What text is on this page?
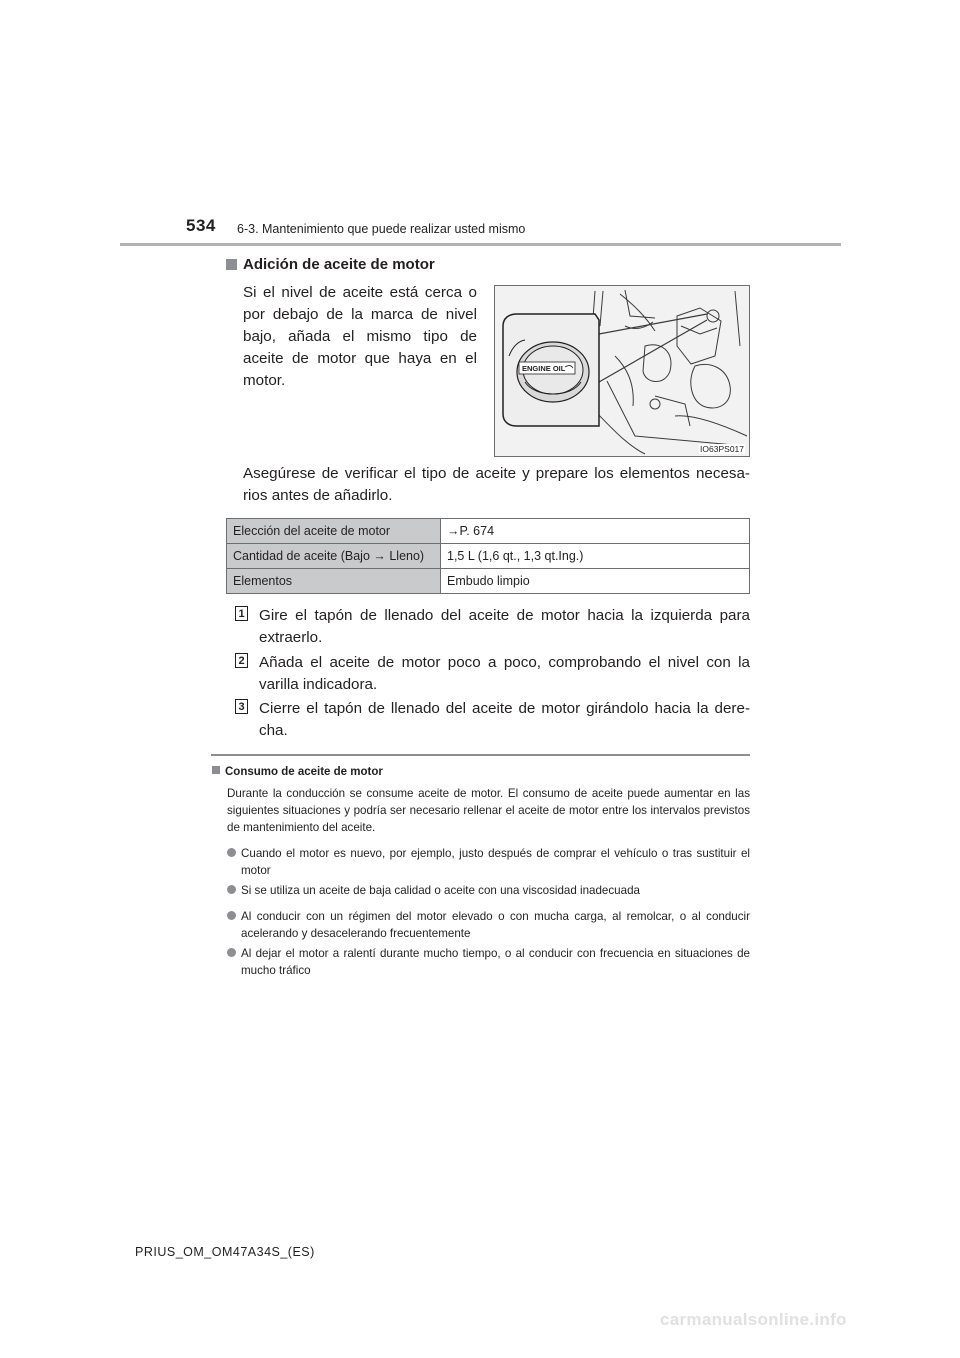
534 6-3. Mantenimiento que puede realizar usted mismo
Adición de aceite de motor
Si el nivel de aceite está cerca o por debajo de la marca de nivel bajo, añada el mismo tipo de aceite de motor que haya en el motor.
ENGINE OIL
IO63PS017
Asegúrese de verificar el tipo de aceite y prepare los elementos necesa-rios antes de añadirlo.
Elección del aceite de motor	→P. 674
Cantidad de aceite (Bajo → Lleno)	1,5 L (1,6 qt., 1,3 qt.Ing.)
Elementos	Embudo limpio
1 Gire el tapón de llenado del aceite de motor hacia la izquierda para extraerlo.
2 Añada el aceite de motor poco a poco, comprobando el nivel con la varilla indicadora.
3 Cierre el tapón de llenado del aceite de motor girándolo hacia la dere-cha.
Consumo de aceite de motor
Durante la conducción se consume aceite de motor. El consumo de aceite puede aumentar en las siguientes situaciones y podría ser necesario rellenar el aceite de motor entre los intervalos previstos de mantenimiento del aceite.
Cuando el motor es nuevo, por ejemplo, justo después de comprar el vehículo o tras sustituir el motor
Si se utiliza un aceite de baja calidad o aceite con una viscosidad inadecuada
Al conducir con un régimen del motor elevado o con mucha carga, al remolcar, o al conducir acelerando y desacelerando frecuentemente
Al dejar el motor a ralentí durante mucho tiempo, o al conducir con frecuencia en situaciones de mucho tráfico
PRIUS_OM_OM47A34S_(ES)
carmanualsonline.info
